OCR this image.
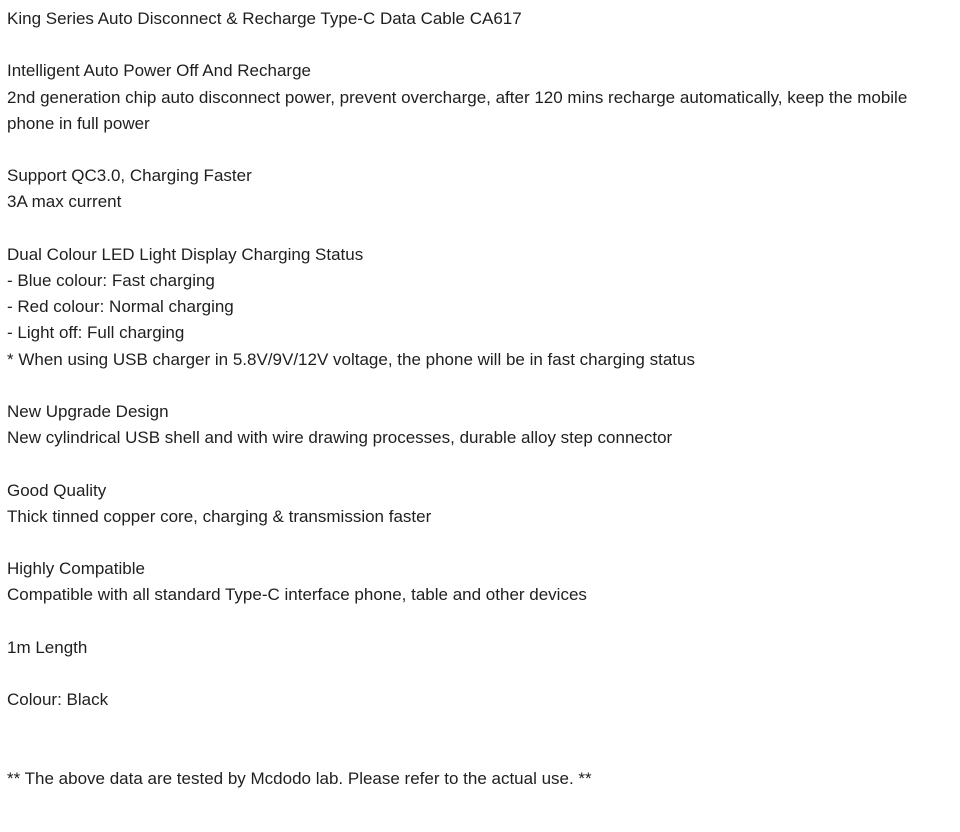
King Series Auto Disconnect & Recharge Type-C Data Cable CA617
Intelligent Auto Power Off And Recharge
2nd generation chip auto disconnect power, prevent overcharge, after 120 mins recharge automatically, keep the mobile phone in full power
Support QC3.0, Charging Faster
3A max current
Dual Colour LED Light Display Charging Status
- Blue colour: Fast charging
- Red colour: Normal charging
- Light off: Full charging
* When using USB charger in 5.8V/9V/12V voltage, the phone will be in fast charging status
New Upgrade Design
New cylindrical USB shell and with wire drawing processes, durable alloy step connector
Good Quality
Thick tinned copper core, charging & transmission faster
Highly Compatible
Compatible with all standard Type-C interface phone, table and other devices
1m Length
Colour: Black
** The above data are tested by Mcdodo lab. Please refer to the actual use. **
